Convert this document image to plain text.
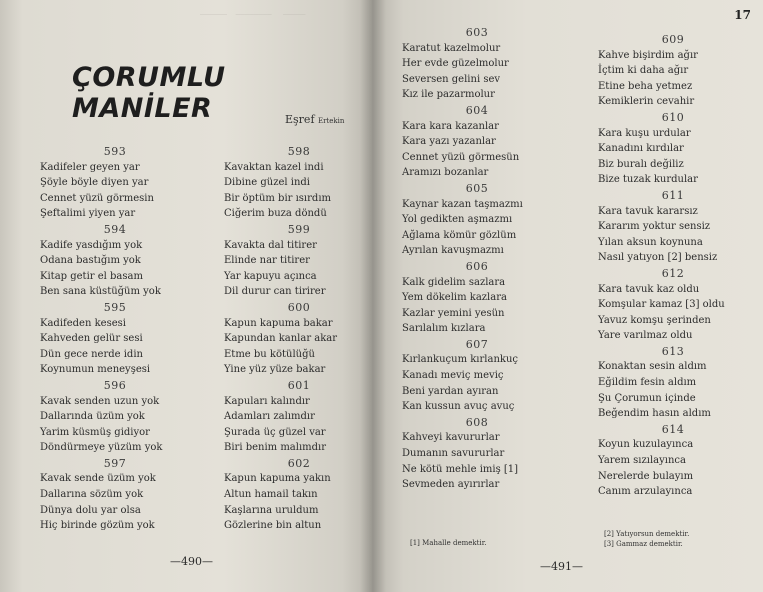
‾‾‾‾‾‾   ‾‾‾‾‾‾‾‾    ‾‾‾‾‾
ÇORUMLU MANİLER	Eşref Ertekin
593
Kadifeler geyen yar
Şöyle böyle diyen yar
Cennet yüzü görmesin
Şeftalimi yiyen yar
594
Kadife yasdığım yok
Odana bastığım yok
Kitap getir el basam
Ben sana küstüğüm yok
595
Kadifeden kesesi
Kahveden gelür sesi
Dün gece nerde idin
Koynumun meneyşesi
596
Kavak senden uzun yok
Dallarında üzüm yok
Yarim küsmüş gidiyor
Döndürmeye yüzüm yok
597
Kavak sende üzüm yok
Dallarına sözüm yok
Dünya dolu yar olsa
Hiç birinde gözüm yok
598
Kavaktan kazel indi
Dibine güzel indi
Bir öptüm bir ısırdım
Ciğerim buza döndü
599
Kavakta dal titirer
Elinde nar titirer
Yar kapuyu açınca
Dil durur can tirirer
600
Kapun kapuma bakar
Kapundan kanlar akar
Etme bu kötülüğü
Yine yüz yüze bakar
601
Kapuları kalındır
Adamları zalımdır
Şurada üç güzel var
Biri benim malımdır
602
Kapun kapuma yakın
Altun hamail takın
Kaşlarına uruldum
Gözlerine bin altun
—490—
17
603
Karatut kazelmolur
Her evde güzelmolur
Seversen gelini sev
Kız ile pazarmolur
604
Kara kara kazanlar
Kara yazı yazanlar
Cennet yüzü görmesün
Aramızı bozanlar
605
Kaynar kazan taşmazmı
Yol gedikten aşmazmı
Ağlama kömür gözlüm
Ayrılan kavuşmazmı
606
Kalk gidelim sazlara
Yem dökelim kazlara
Kazlar yemini yesün
Sarılalım kızlara
607
Kırlankuçum kırlankuç
Kanadı meviç meviç
Beni yardan ayıran
Kan kussun avuç avuç
608
Kahveyi kavururlar
Dumanın savururlar
Ne kötü mehle imiş [1]
Sevmeden ayırırlar
609
Kahve bişirdim ağır
İçtim ki daha ağır
Etine beha yetmez
Kemiklerin cevahir
610
Kara kuşu urdular
Kanadını kırdılar
Biz buralı değiliz
Bize tuzak kurdular
611
Kara tavuk kararsız
Kararım yoktur sensiz
Yılan aksun koynuna
Nasıl yatıyon [2] bensiz
612
Kara tavuk kaz oldu
Komşular kamaz [3] oldu
Yavuz komşu şerinden
Yare varılmaz oldu
613
Konaktan sesin aldım
Eğildim fesin aldım
Şu Çorumun içinde
Beğendim hasın aldım
614
Koyun kuzulayınca
Yarem sızılayınca
Nerelerde bulayım
Canım arzulayınca
[1] Mahalle demektir.
[2] Yatıyorsun demektir.
[3] Gammaz demektir.
—491—
